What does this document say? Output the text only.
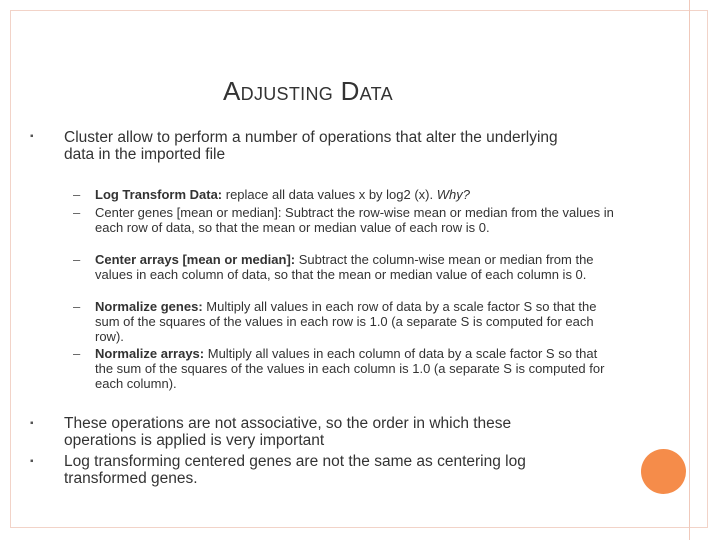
ADJUSTING DATA
▪ Cluster allow to perform a number of operations that alter the underlying
data in the imported file
– Log Transform Data: replace all data values x by log2 (x). Why?
– Center genes [mean or median]: Subtract the row-wise mean or median from the values in each row of data, so that the mean or median value of each row is 0.
– Center arrays [mean or median]: Subtract the column-wise mean or median from the values in each column of data, so that the mean or median value of each column is 0.
– Normalize genes: Multiply all values in each row of data by a scale factor S so that the sum of the squares of the values in each row is 1.0 (a separate S is computed for each row).
– Normalize arrays: Multiply all values in each column of data by a scale factor S so that the sum of the squares of the values in each column is 1.0 (a separate S is computed for each column).
▪ These operations are not associative, so the order in which these operations is applied is very important
▪ Log transforming centered genes are not the same as centering log transformed genes.
